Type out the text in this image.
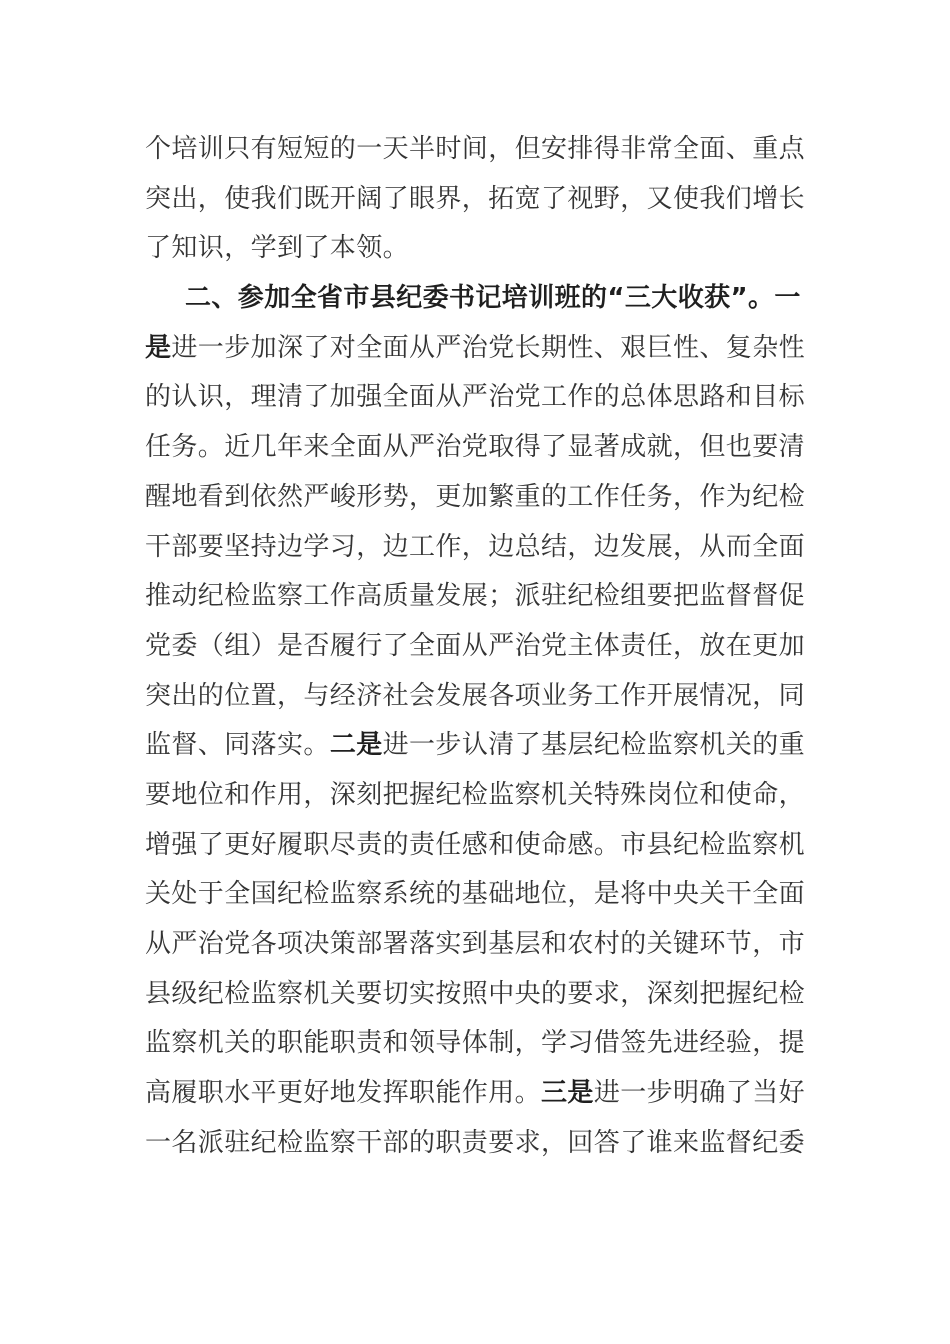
个培训只有短短的一天半时间，但安排得非常全面、重点
突出，使我们既开阔了眼界，拓宽了视野，又使我们增长
了知识，学到了本领。
二、参加全省市县纪委书记培训班的“三大收获”。一
是进一步加深了对全面从严治党长期性、艰巨性、复杂性
的认识，理清了加强全面从严治党工作的总体思路和目标
任务。近几年来全面从严治党取得了显著成就，但也要清
醒地看到依然严峻形势，更加繁重的工作任务，作为纪检
干部要坚持边学习，边工作，边总结，边发展，从而全面
推动纪检监察工作高质量发展；派驻纪检组要把监督督促
党委（组）是否履行了全面从严治党主体责任，放在更加
突出的位置，与经济社会发展各项业务工作开展情况，同
监督、同落实。二是进一步认清了基层纪检监察机关的重
要地位和作用，深刻把握纪检监察机关特殊岗位和使命，
增强了更好履职尽责的责任感和使命感。市县纪检监察机
关处于全国纪检监察系统的基础地位，是将中央关干全面
从严治党各项决策部署落实到基层和农村的关键环节，市
县级纪检监察机关要切实按照中央的要求，深刻把握纪检
监察机关的职能职责和领导体制，学习借签先进经验，提
高履职水平更好地发挥职能作用。三是进一步明确了当好
一名派驻纪检监察干部的职责要求，回答了谁来监督纪委
